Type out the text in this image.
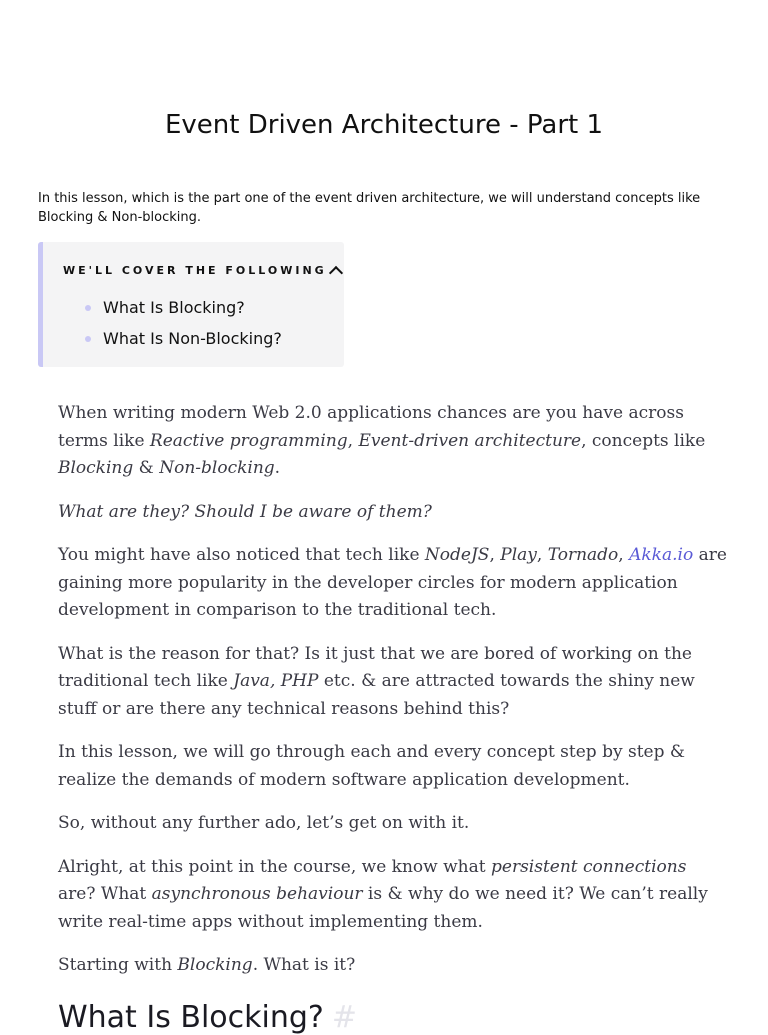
Event Driven Architecture - Part 1

In this lesson, which is the part one of the event driven architecture, we will understand concepts like Blocking & Non-blocking.

WE'LL COVER THE FOLLOWING
What Is Blocking?
What Is Non-Blocking?

When writing modern Web 2.0 applications chances are you have across terms like Reactive programming, Event-driven architecture, concepts like Blocking & Non-blocking.

What are they? Should I be aware of them?

You might have also noticed that tech like NodeJS, Play, Tornado, Akka.io are gaining more popularity in the developer circles for modern application development in comparison to the traditional tech.

What is the reason for that? Is it just that we are bored of working on the traditional tech like Java, PHP etc. & are attracted towards the shiny new stuff or are there any technical reasons behind this?

In this lesson, we will go through each and every concept step by step & realize the demands of modern software application development.

So, without any further ado, let’s get on with it.

Alright, at this point in the course, we know what persistent connections are? What asynchronous behaviour is & why do we need it? We can’t really write real-time apps without implementing them.

Starting with Blocking. What is it?

What Is Blocking? #
